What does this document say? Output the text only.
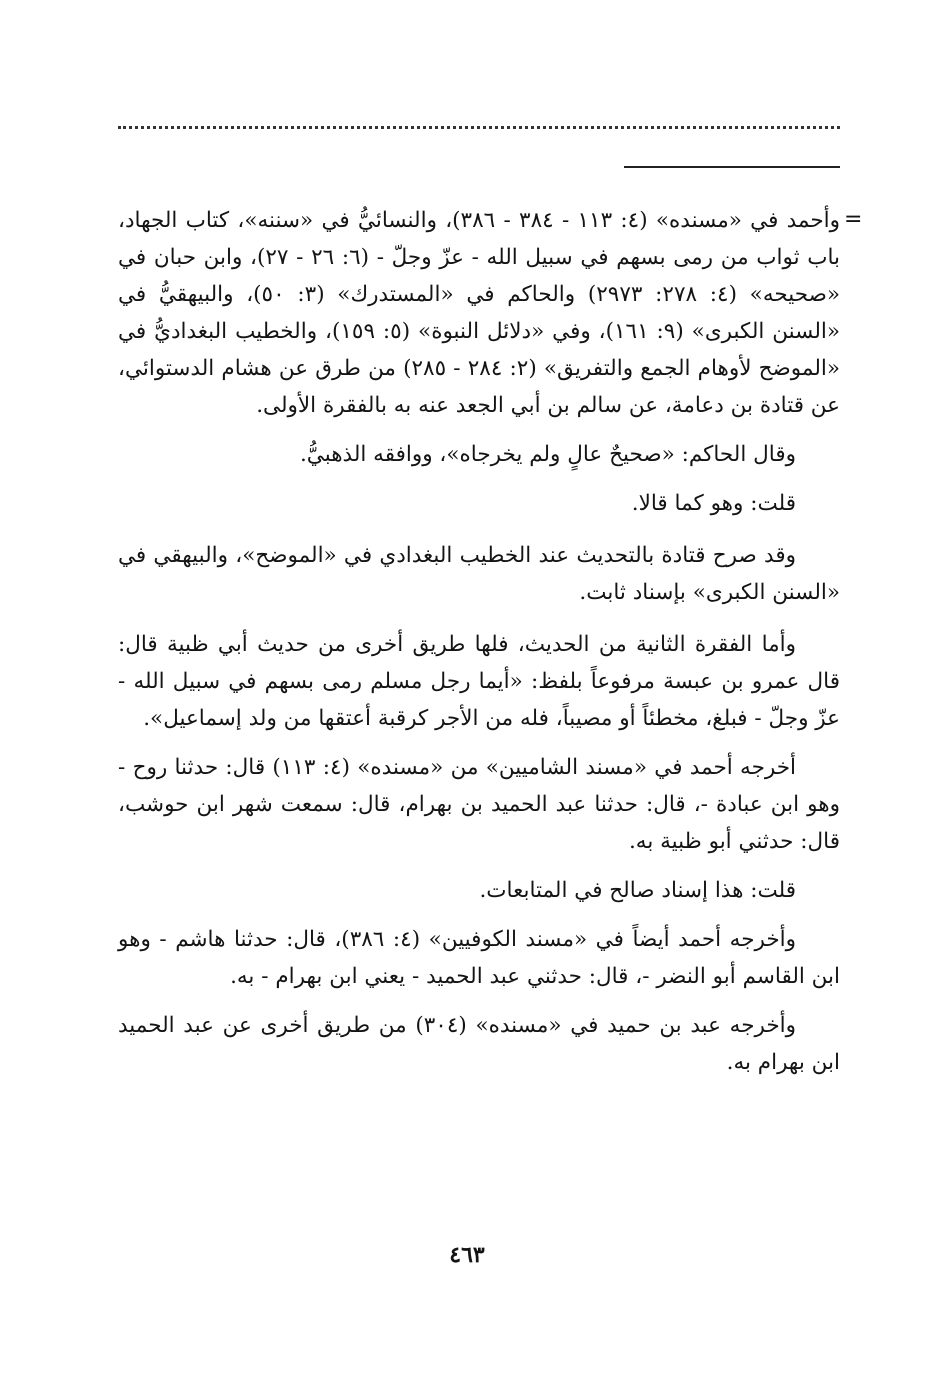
=

وأحمد في «مسنده» (٤: ١١٣ - ٣٨٤ - ٣٨٦)، والنسائيُّ في «سننه»، كتاب الجهاد، باب ثواب من رمى بسهم في سبيل الله - عزّ وجلّ - (٦: ٢٦ - ٢٧)، وابن حبان في «صحيحه» (٤: ٢٧٨: ٢٩٧٣) والحاكم في «المستدرك» (٣: ٥٠)، والبيهقيُّ في «السنن الكبرى» (٩: ١٦١)، وفي «دلائل النبوة» (٥: ١٥٩)، والخطيب البغداديُّ في «الموضح لأوهام الجمع والتفريق» (٢: ٢٨٤ - ٢٨٥) من طرق عن هشام الدستوائي، عن قتادة بن دعامة، عن سالم بن أبي الجعد عنه به بالفقرة الأولى.

وقال الحاكم: «صحيحٌ عالٍ ولم يخرجاه»، ووافقه الذهبيُّ.

قلت: وهو كما قالا.

وقد صرح قتادة بالتحديث عند الخطيب البغدادي في «الموضح»، والبيهقي في «السنن الكبرى» بإسناد ثابت.

وأما الفقرة الثانية من الحديث، فلها طريق أخرى من حديث أبي ظبية قال: قال عمرو بن عبسة مرفوعاً بلفظ: «أيما رجل مسلم رمى بسهم في سبيل الله - عزّ وجلّ - فبلغ، مخطئاً أو مصيباً، فله من الأجر كرقبة أعتقها من ولد إسماعيل».

أخرجه أحمد في «مسند الشاميين» من «مسنده» (٤: ١١٣) قال: حدثنا روح - وهو ابن عبادة -، قال: حدثنا عبد الحميد بن بهرام، قال: سمعت شهر ابن حوشب، قال: حدثني أبو ظبية به.

قلت: هذا إسناد صالح في المتابعات.

وأخرجه أحمد أيضاً في «مسند الكوفيين» (٤: ٣٨٦)، قال: حدثنا هاشم - وهو ابن القاسم أبو النضر -، قال: حدثني عبد الحميد - يعني ابن بهرام - به.

وأخرجه عبد بن حميد في «مسنده» (٣٠٤) من طريق أخرى عن عبد الحميد ابن بهرام به.

٤٦٣
